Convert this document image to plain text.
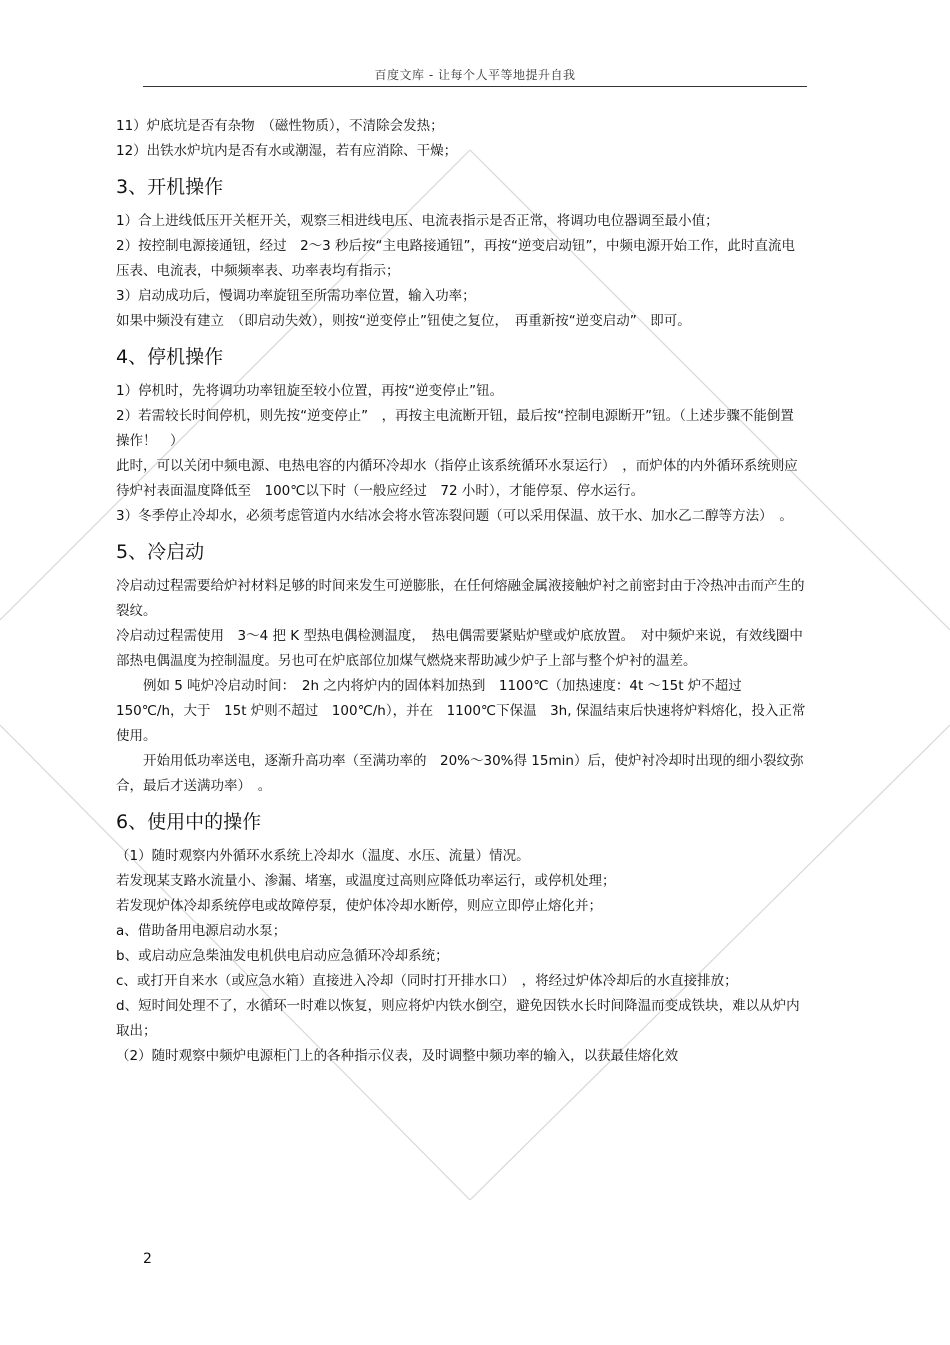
百度文库 - 让每个人平等地提升自我

11）炉底坑是否有杂物　（磁性物质），不清除会发热；

12）出铁水炉坑内是否有水或潮湿，若有应消除、干燥；

3、开机操作

1）合上进线低压开关框开关，观察三相进线电压、电流表指示是否正常，将调功电位器调至最小值；

2）按控制电源接通钮，经过　2～3 秒后按“主电路接通钮”，再按“逆变启动钮”，中频电源开始工作，此时直流电压表、电流表，中频频率表、功率表均有指示；

3）启动成功后，慢调功率旋钮至所需功率位置，输入功率；

如果中频没有建立　（即启动失效），则按“逆变停止”钮使之复位，　再重新按“逆变启动”　即可。

4、停机操作

1）停机时，先将调功功率钮旋至较小位置，再按“逆变停止”钮。

2）若需较长时间停机，则先按“逆变停止”　，再按主电流断开钮，最后按“控制电源断开”钮。（上述步骤不能倒置操作！　）

此时，可以关闭中频电源、电热电容的内循环冷却水（指停止该系统循环水泵运行）　，而炉体的内外循环系统则应待炉衬表面温度降低至　100℃以下时（一般应经过　72 小时），才能停泵、停水运行。

3）冬季停止冷却水，必须考虑管道内水结冰会将水管冻裂问题（可以采用保温、放干水、加水乙二醇等方法）　。

5、冷启动

冷启动过程需要给炉衬材料足够的时间来发生可逆膨胀，在任何熔融金属液接触炉衬之前密封由于冷热冲击而产生的裂纹。

冷启动过程需使用　3～4 把 K 型热电偶检测温度，　热电偶需要紧贴炉壁或炉底放置。　对中频炉来说，有效线圈中部热电偶温度为控制温度。另也可在炉底部位加煤气燃烧来帮助减少炉子上部与整个炉衬的温差。

例如 5 吨炉冷启动时间：　2h 之内将炉内的固体料加热到　1100℃（加热速度：4t ～15t 炉不超过 150℃/h，大于　15t 炉则不超过　100℃/h），并在　1100℃下保温　3h, 保温结束后快速将炉料熔化，投入正常使用。

开始用低功率送电，逐渐升高功率（至满功率的　20%～30%得 15min）后，使炉衬冷却时出现的细小裂纹弥合，最后才送满功率）　。

6、使用中的操作

（1）随时观察内外循环水系统上冷却水（温度、水压、流量）情况。

若发现某支路水流量小、渗漏、堵塞，或温度过高则应降低功率运行，或停机处理；

若发现炉体冷却系统停电或故障停泵，使炉体冷却水断停，则应立即停止熔化并；

a、借助备用电源启动水泵；

b、或启动应急柴油发电机供电启动应急循环冷却系统；

c、或打开自来水（或应急水箱）直接进入冷却（同时打开排水口）　，将经过炉体冷却后的水直接排放；

d、短时间处理不了，水循环一时难以恢复，则应将炉内铁水倒空，避免因铁水长时间降温而变成铁块，难以从炉内取出；

（2）随时观察中频炉电源柜门上的各种指示仪表，及时调整中频功率的输入，以获最佳熔化效

2
